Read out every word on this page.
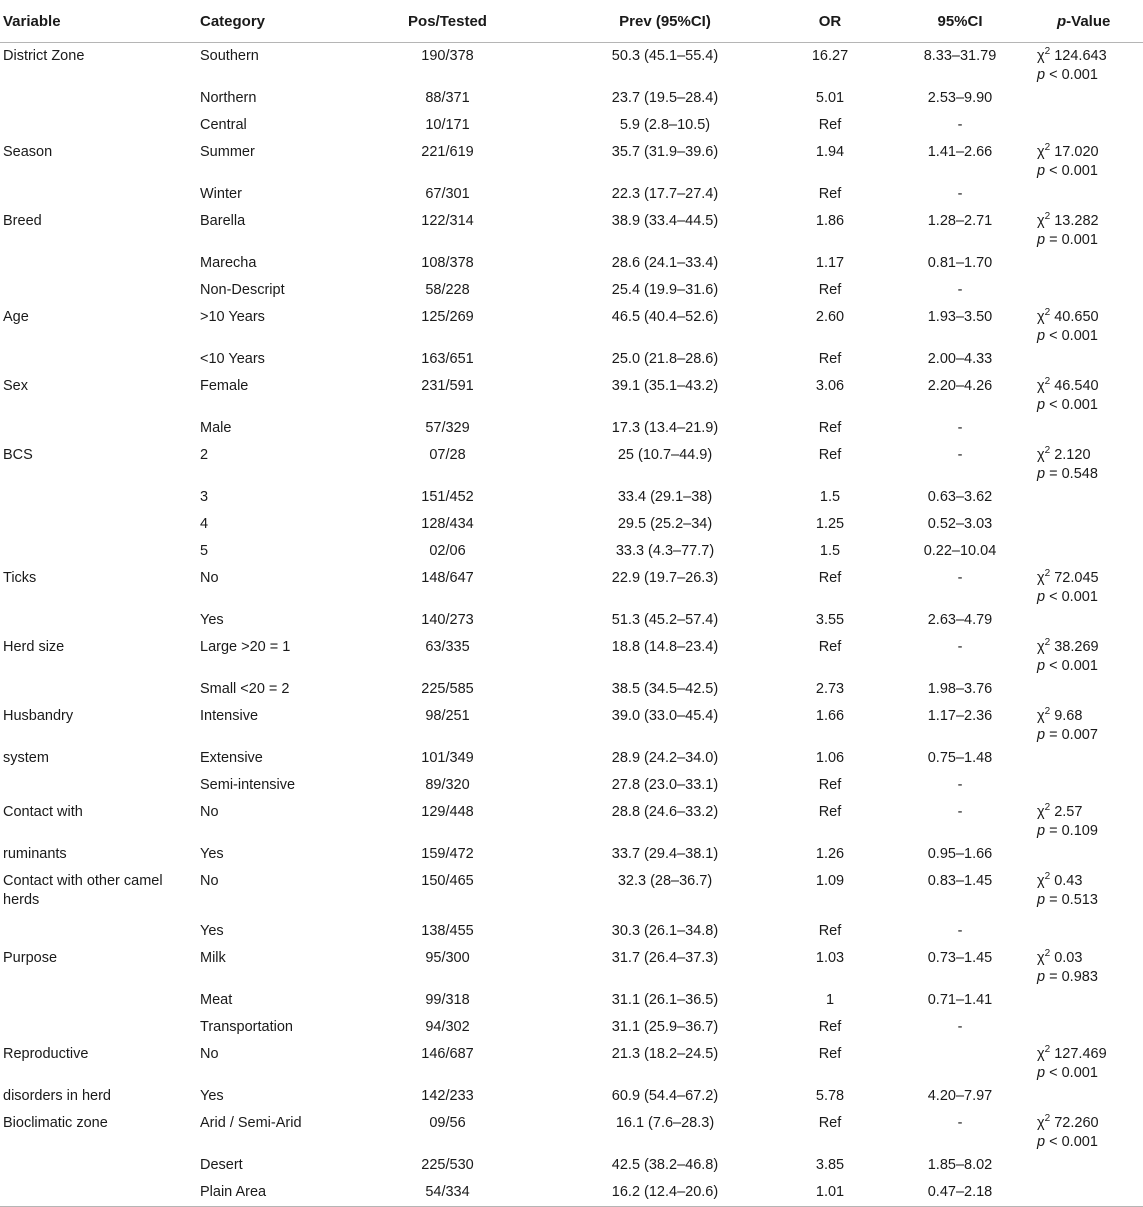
Variable	Category	Pos/Tested	Prev (95%CI)	OR	95%CI	p-Value

District Zone	Southern	190/378	50.3 (45.1–55.4)	16.27	8.33–31.79	$\chi^2$ 124.643
p < 0.001

	Northern	88/371	23.7 (19.5–28.4)	5.01	2.53–9.90	

	Central	10/171	5.9 (2.8–10.5)	Ref	-	

Season	Summer	221/619	35.7 (31.9–39.6)	1.94	1.41–2.66	$\chi^2$ 17.020
p < 0.001

	Winter	67/301	22.3 (17.7–27.4)	Ref	-	

Breed	Barella	122/314	38.9 (33.4–44.5)	1.86	1.28–2.71	$\chi^2$ 13.282
p = 0.001

	Marecha	108/378	28.6 (24.1–33.4)	1.17	0.81–1.70	

	Non-Descript	58/228	25.4 (19.9–31.6)	Ref	-	

Age	>10 Years	125/269	46.5 (40.4–52.6)	2.60	1.93–3.50	$\chi^2$ 40.650
p < 0.001

	<10 Years	163/651	25.0 (21.8–28.6)	Ref	2.00–4.33	

Sex	Female	231/591	39.1 (35.1–43.2)	3.06	2.20–4.26	$\chi^2$ 46.540
p < 0.001

	Male	57/329	17.3 (13.4–21.9)	Ref	-	

BCS	2	07/28	25 (10.7–44.9)	Ref	-	$\chi^2$ 2.120
p = 0.548

	3	151/452	33.4 (29.1–38)	1.5	0.63–3.62	

	4	128/434	29.5 (25.2–34)	1.25	0.52–3.03	

	5	02/06	33.3 (4.3–77.7)	1.5	0.22–10.04	

Ticks	No	148/647	22.9 (19.7–26.3)	Ref	-	$\chi^2$ 72.045
p < 0.001

	Yes	140/273	51.3 (45.2–57.4)	3.55	2.63–4.79	

Herd size	Large >20 = 1	63/335	18.8 (14.8–23.4)	Ref	-	$\chi^2$ 38.269
p < 0.001

	Small <20 = 2	225/585	38.5 (34.5–42.5)	2.73	1.98–3.76	

Husbandry	Intensive	98/251	39.0 (33.0–45.4)	1.66	1.17–2.36	$\chi^2$ 9.68
p = 0.007

system	Extensive	101/349	28.9 (24.2–34.0)	1.06	0.75–1.48	

	Semi-intensive	89/320	27.8 (23.0–33.1)	Ref	-	

Contact with	No	129/448	28.8 (24.6–33.2)	Ref	-	$\chi^2$ 2.57
p = 0.109

ruminants	Yes	159/472	33.7 (29.4–38.1)	1.26	0.95–1.66	

Contact with other camel herds	No	150/465	32.3 (28–36.7)	1.09	0.83–1.45	$\chi^2$ 0.43
p = 0.513

	Yes	138/455	30.3 (26.1–34.8)	Ref	-	

Purpose	Milk	95/300	31.7 (26.4–37.3)	1.03	0.73–1.45	$\chi^2$ 0.03
p = 0.983

	Meat	99/318	31.1 (26.1–36.5)	1	0.71–1.41	

	Transportation	94/302	31.1 (25.9–36.7)	Ref	-	

Reproductive	No	146/687	21.3 (18.2–24.5)	Ref		$\chi^2$ 127.469
p < 0.001

disorders in herd	Yes	142/233	60.9 (54.4–67.2)	5.78	4.20–7.97	

Bioclimatic zone	Arid / Semi-Arid	09/56	16.1 (7.6–28.3)	Ref	-	$\chi^2$ 72.260
p < 0.001

	Desert	225/530	42.5 (38.2–46.8)	3.85	1.85–8.02	

	Plain Area	54/334	16.2 (12.4–20.6)	1.01	0.47–2.18	
